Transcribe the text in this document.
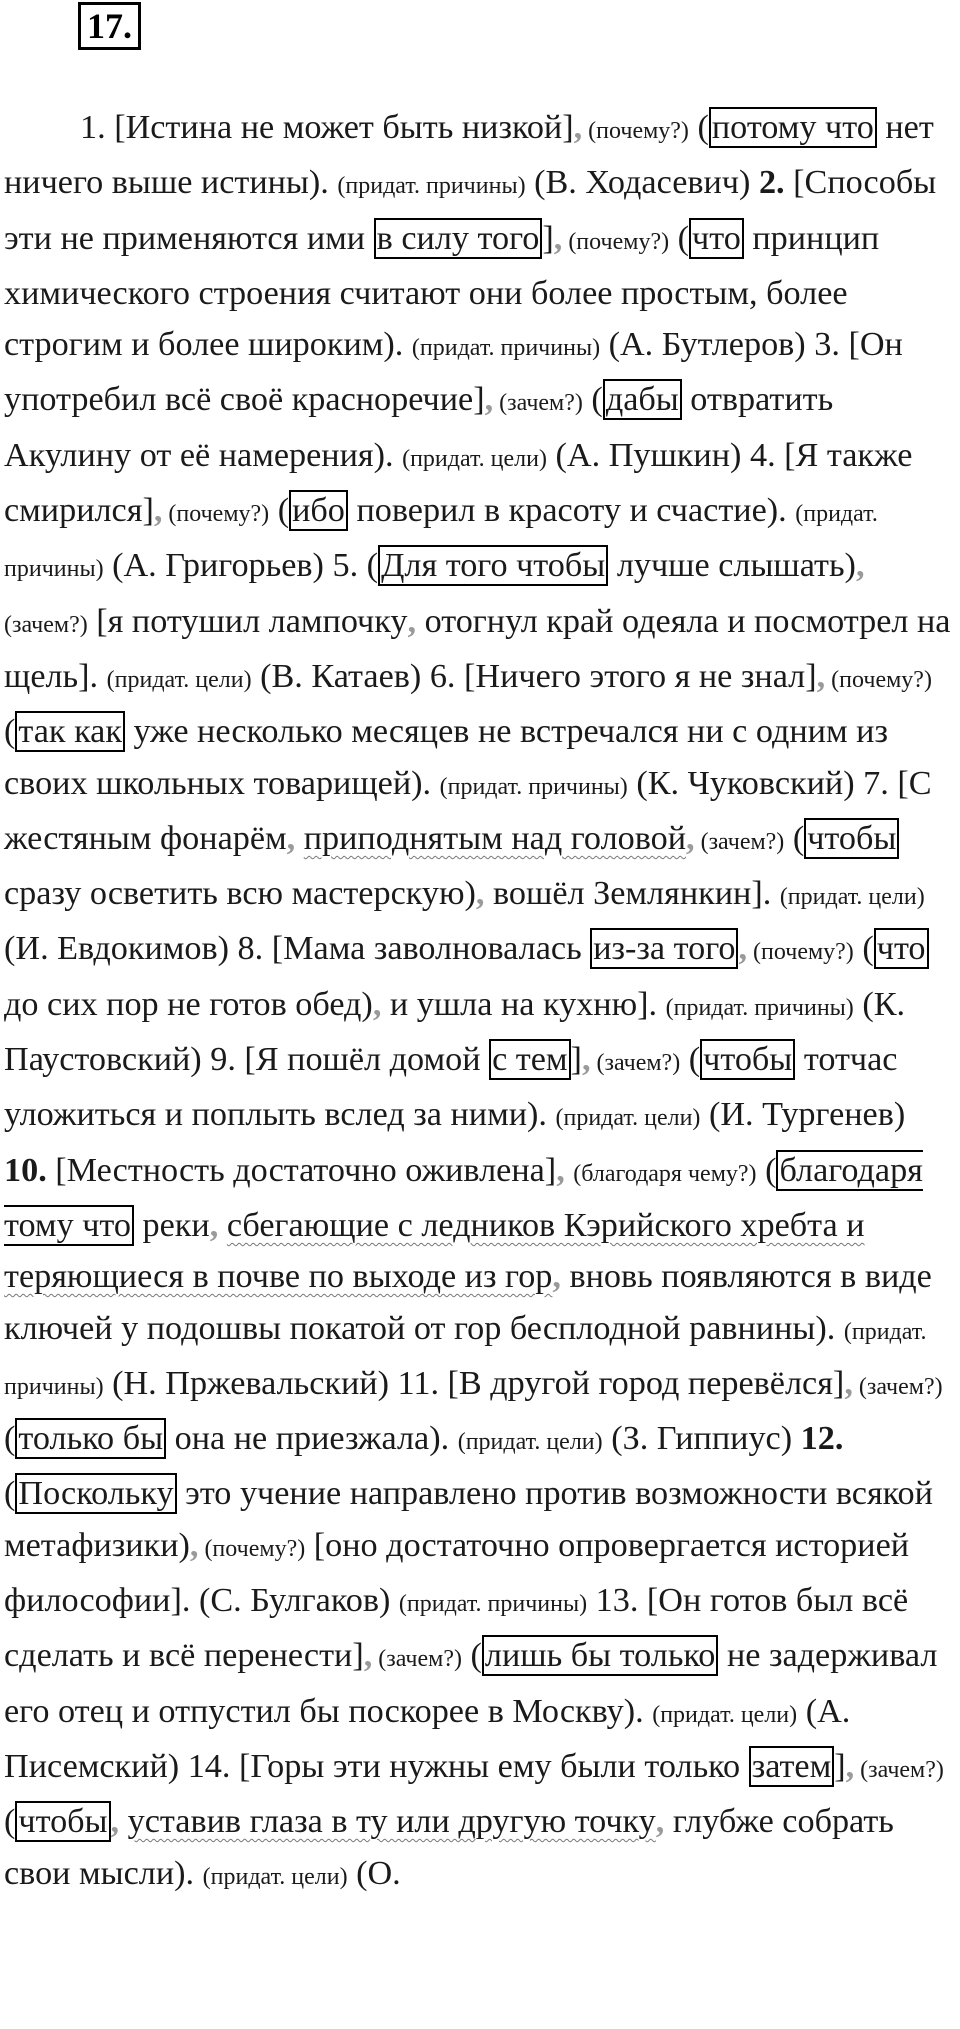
17.
1. [Истина не может быть низкой], (почему?) (потому что нет ничего выше истины). (придат. причины) (В. Ходасевич) 2. [Способы эти не применяются ими в силу того], (почему?) (что принцип химического строения считают они более простым, более строгим и более широким). (придат. причины) (А. Бутлеров) 3. [Он употребил всё своё красноречие], (зачем?) (дабы отвратить Акулину от её намерения). (придат. цели) (А. Пушкин) 4. [Я также смирился], (почему?) (ибо поверил в красоту и счастие). (придат. причины) (А. Григорьев) 5. (Для того чтобы лучше слышать), (зачем?) [я потушил лампочку, отогнул край одеяла и посмотрел на щель]. (придат. цели) (В. Катаев) 6. [Ничего этого я не знал], (почему?) (так как уже несколько месяцев не встречался ни с одним из своих школьных товарищей). (придат. причины) (К. Чуковский) 7. [С жестяным фонарём, приподнятым над головой, (зачем?) (чтобы сразу осветить всю мастерскую), вошёл Землянкин]. (придат. цели) (И. Евдокимов) 8. [Мама заволновалась из-за того, (почему?) (что до сих пор не готов обед), и ушла на кухню]. (придат. причины) (К. Паустовский) 9. [Я пошёл домой с тем], (зачем?) (чтобы тотчас уложиться и поплыть вслед за ними). (придат. цели) (И. Тургенев) 10. [Местность достаточно оживлена], (благодаря чему?) (благодаря тому что реки, сбегающие с ледников Кэрийского хребта и теряющиеся в почве по выходе из гор, вновь появляются в виде ключей у подошвы покатой от гор бесплодной равнины). (придат. причины) (Н. Пржевальский) 11. [В другой город перевёлся], (зачем?) (только бы она не приезжала). (придат. цели) (З. Гиппиус) 12. (Поскольку это учение направлено против возможности всякой метафизики), (почему?) [оно достаточно опровергается историей философии]. (С. Булгаков) (придат. причины) 13. [Он готов был всё сделать и всё перенести], (зачем?) (лишь бы только не задерживал его отец и отпустил бы поскорее в Москву). (придат. цели) (А. Писемский) 14. [Горы эти нужны ему были только затем], (зачем?) (чтобы, уставив глаза в ту или другую точку, глубже собрать свои мысли). (придат. цели) (О.
